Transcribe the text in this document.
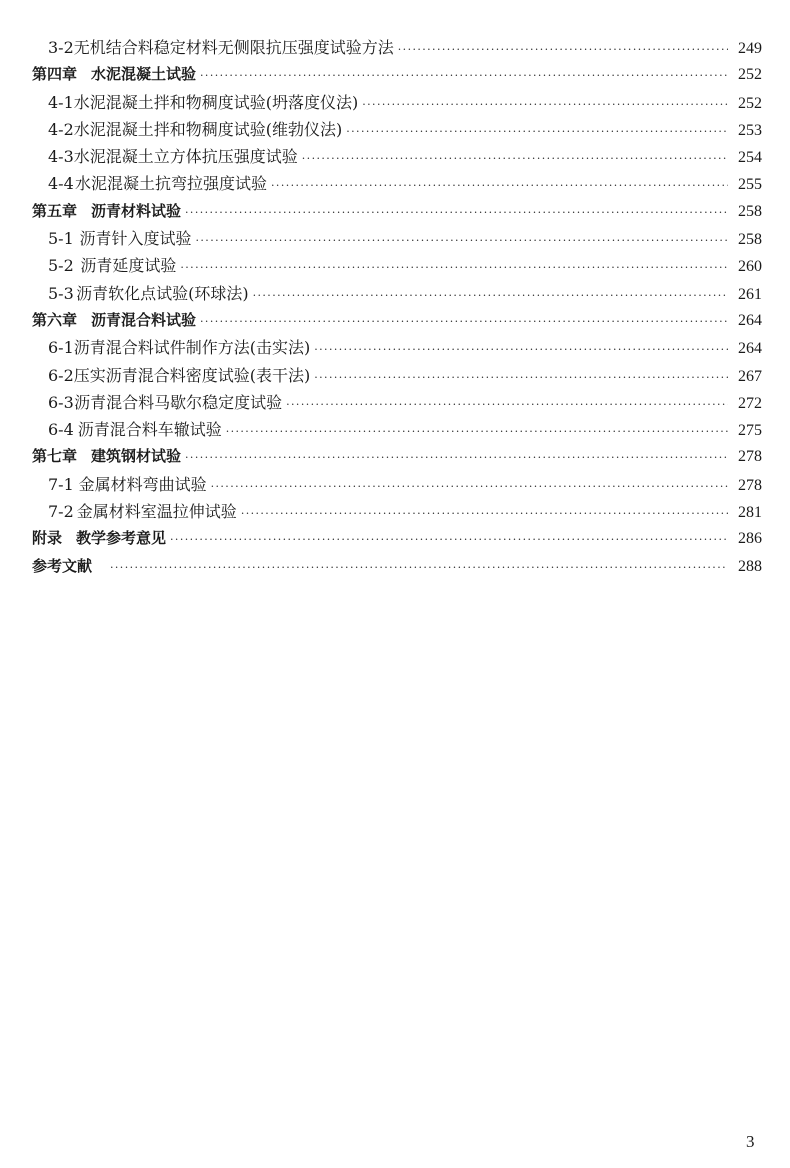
3-2 无机结合料稳定材料无侧限抗压强度试验方法 ·····	249
第四章 水泥混凝土试验 ·····	252
4-1 水泥混凝土拌和物稠度试验(坍落度仪法) ·····	252
4-2 水泥混凝土拌和物稠度试验(维勃仪法) ·····	253
4-3 水泥混凝土立方体抗压强度试验 ·····	254
4-4 水泥混凝土抗弯拉强度试验 ·····	255
第五章 沥青材料试验 ·····	258
5-1 沥青针入度试验 ·····	258
5-2 沥青延度试验 ·····	260
5-3 沥青软化点试验(环球法) ·····	261
第六章 沥青混合料试验 ·····	264
6-1 沥青混合料试件制作方法(击实法) ·····	264
6-2 压实沥青混合料密度试验(表干法) ·····	267
6-3 沥青混合料马歇尔稳定度试验 ·····	272
6-4 沥青混合料车辙试验 ·····	275
第七章 建筑钢材试验 ·····	278
7-1 金属材料弯曲试验 ·····	278
7-2 金属材料室温拉伸试验 ·····	281
附录 教学参考意见 ·····	286
参考文献 ·····	288
3
